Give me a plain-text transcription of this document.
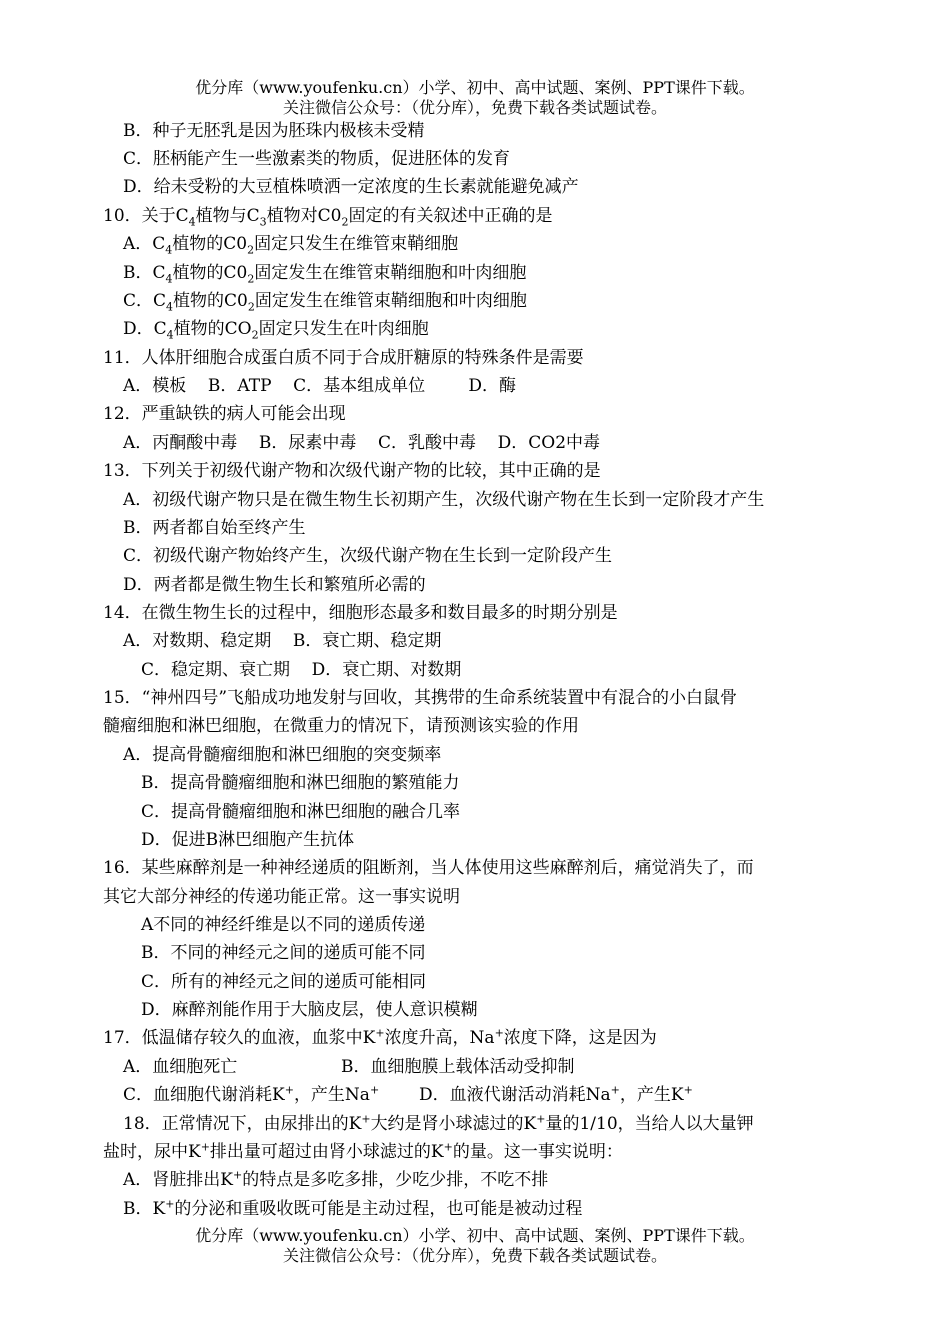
优分库（www.youfenku.cn）小学、初中、高中试题、案例、PPT课件下载。
关注微信公众号：（优分库），免费下载各类试题试卷。
B．种子无胚乳是因为胚珠内极核未受精
C．胚柄能产生一些激素类的物质，促进胚体的发育
D．给未受粉的大豆植株喷洒一定浓度的生长素就能避免减产
10．关于$C_4$植物与$C_3$植物对$C0_2$固定的有关叙述中正确的是
A．$C_4$植物的$C0_2$固定只发生在维管束鞘细胞
B．$C_4$植物的$C0_2$固定发生在维管束鞘细胞和叶肉细胞
C．$C_4$植物的$C0_2$固定发生在维管束鞘细胞和叶肉细胞
D．$C_4$植物的$CO_2$固定只发生在叶肉细胞
11．人体肝细胞合成蛋白质不同于合成肝糖原的特殊条件是需要
A．模板    B．ATP    C．基本组成单位        D．酶
12．严重缺铁的病人可能会出现
A．丙酮酸中毒    B．尿素中毒    C．乳酸中毒    D．CO2中毒
13．下列关于初级代谢产物和次级代谢产物的比较，其中正确的是
A．初级代谢产物只是在微生物生长初期产生，次级代谢产物在生长到一定阶段才产生
B．两者都自始至终产生
C．初级代谢产物始终产生，次级代谢产物在生长到一定阶段产生
D．两者都是微生物生长和繁殖所必需的
14．在微生物生长的过程中，细胞形态最多和数目最多的时期分别是
A．对数期、稳定期    B．衰亡期、稳定期
C．稳定期、衰亡期    D．衰亡期、对数期
15．“神州四号”飞船成功地发射与回收，其携带的生命系统装置中有混合的小白鼠骨
髓瘤细胞和淋巴细胞，在微重力的情况下，请预测该实验的作用
A．提高骨髓瘤细胞和淋巴细胞的突变频率
B．提高骨髓瘤细胞和淋巴细胞的繁殖能力
C．提高骨髓瘤细胞和淋巴细胞的融合几率
D．促进B淋巴细胞产生抗体
16．某些麻醉剂是一种神经递质的阻断剂，当人体使用这些麻醉剂后，痛觉消失了，而
其它大部分神经的传递功能正常。这一事实说明
A不同的神经纤维是以不同的递质传递
B．不同的神经元之间的递质可能不同
C．所有的神经元之间的递质可能相同
D．麻醉剂能作用于大脑皮层，使人意识模糊
17．低温储存较久的血液，血浆中K+浓度升高，Na+浓度下降，这是因为
A．血细胞死亡	B．血细胞膜上载体活动受抑制
C．血细胞代谢消耗K+，产生Na+ D．血液代谢活动消耗Na+，产生K+
18．正常情况下，由尿排出的K+大约是肾小球滤过的K+量的1/10，当给人以大量钾
盐时，尿中K+排出量可超过由肾小球滤过的K+的量。这一事实说明：
A．肾脏排出K+的特点是多吃多排，少吃少排，不吃不排
B．K+的分泌和重吸收既可能是主动过程，也可能是被动过程
优分库（www.youfenku.cn）小学、初中、高中试题、案例、PPT课件下载。
关注微信公众号：（优分库），免费下载各类试题试卷。
